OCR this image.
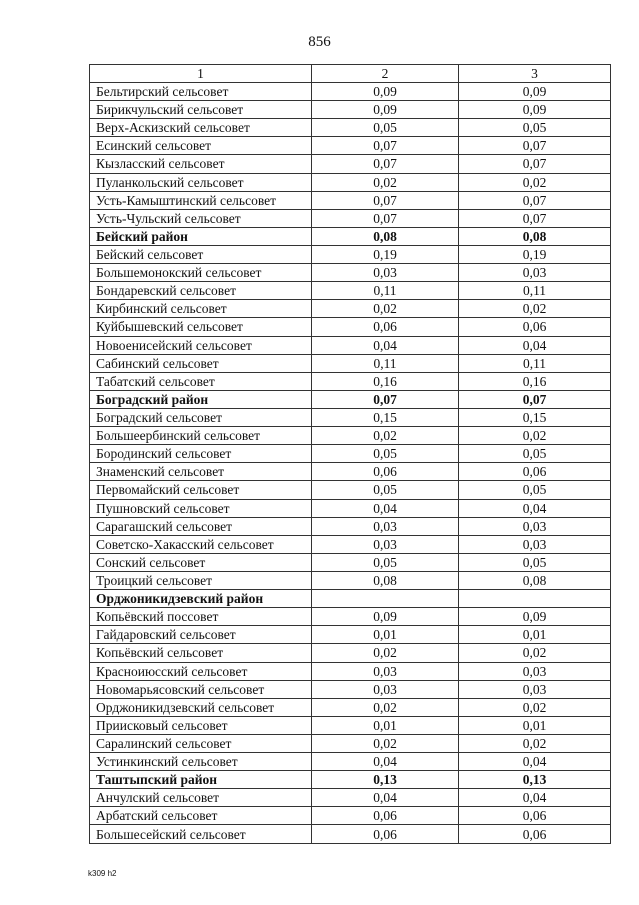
856
1	2	3
Бельтирский сельсовет	0,09	0,09
Бирикчульский сельсовет	0,09	0,09
Верх-Аскизский сельсовет	0,05	0,05
Есинский сельсовет	0,07	0,07
Кызласский сельсовет	0,07	0,07
Пуланкольский сельсовет	0,02	0,02
Усть-Камыштинский сельсовет	0,07	0,07
Усть-Чульский сельсовет	0,07	0,07
Бейский район	0,08	0,08
Бейский сельсовет	0,19	0,19
Большемонокский сельсовет	0,03	0,03
Бондаревский сельсовет	0,11	0,11
Кирбинский сельсовет	0,02	0,02
Куйбышевский сельсовет	0,06	0,06
Новоенисейский сельсовет	0,04	0,04
Сабинский сельсовет	0,11	0,11
Табатский сельсовет	0,16	0,16
Боградский район	0,07	0,07
Боградский сельсовет	0,15	0,15
Большеербинский сельсовет	0,02	0,02
Бородинский сельсовет	0,05	0,05
Знаменский сельсовет	0,06	0,06
Первомайский сельсовет	0,05	0,05
Пушновский сельсовет	0,04	0,04
Сарагашский сельсовет	0,03	0,03
Советско-Хакасский сельсовет	0,03	0,03
Сонский сельсовет	0,05	0,05
Троицкий сельсовет	0,08	0,08
Орджоникидзевский район		
Копьёвский поссовет	0,09	0,09
Гайдаровский сельсовет	0,01	0,01
Копьёвский сельсовет	0,02	0,02
Красноиюсский сельсовет	0,03	0,03
Новомарьясовский сельсовет	0,03	0,03
Орджоникидзевский сельсовет	0,02	0,02
Приисковый сельсовет	0,01	0,01
Саралинский сельсовет	0,02	0,02
Устинкинский сельсовет	0,04	0,04
Таштыпский район	0,13	0,13
Анчулский сельсовет	0,04	0,04
Арбатский сельсовет	0,06	0,06
Большесейский сельсовет	0,06	0,06
k309 h2
